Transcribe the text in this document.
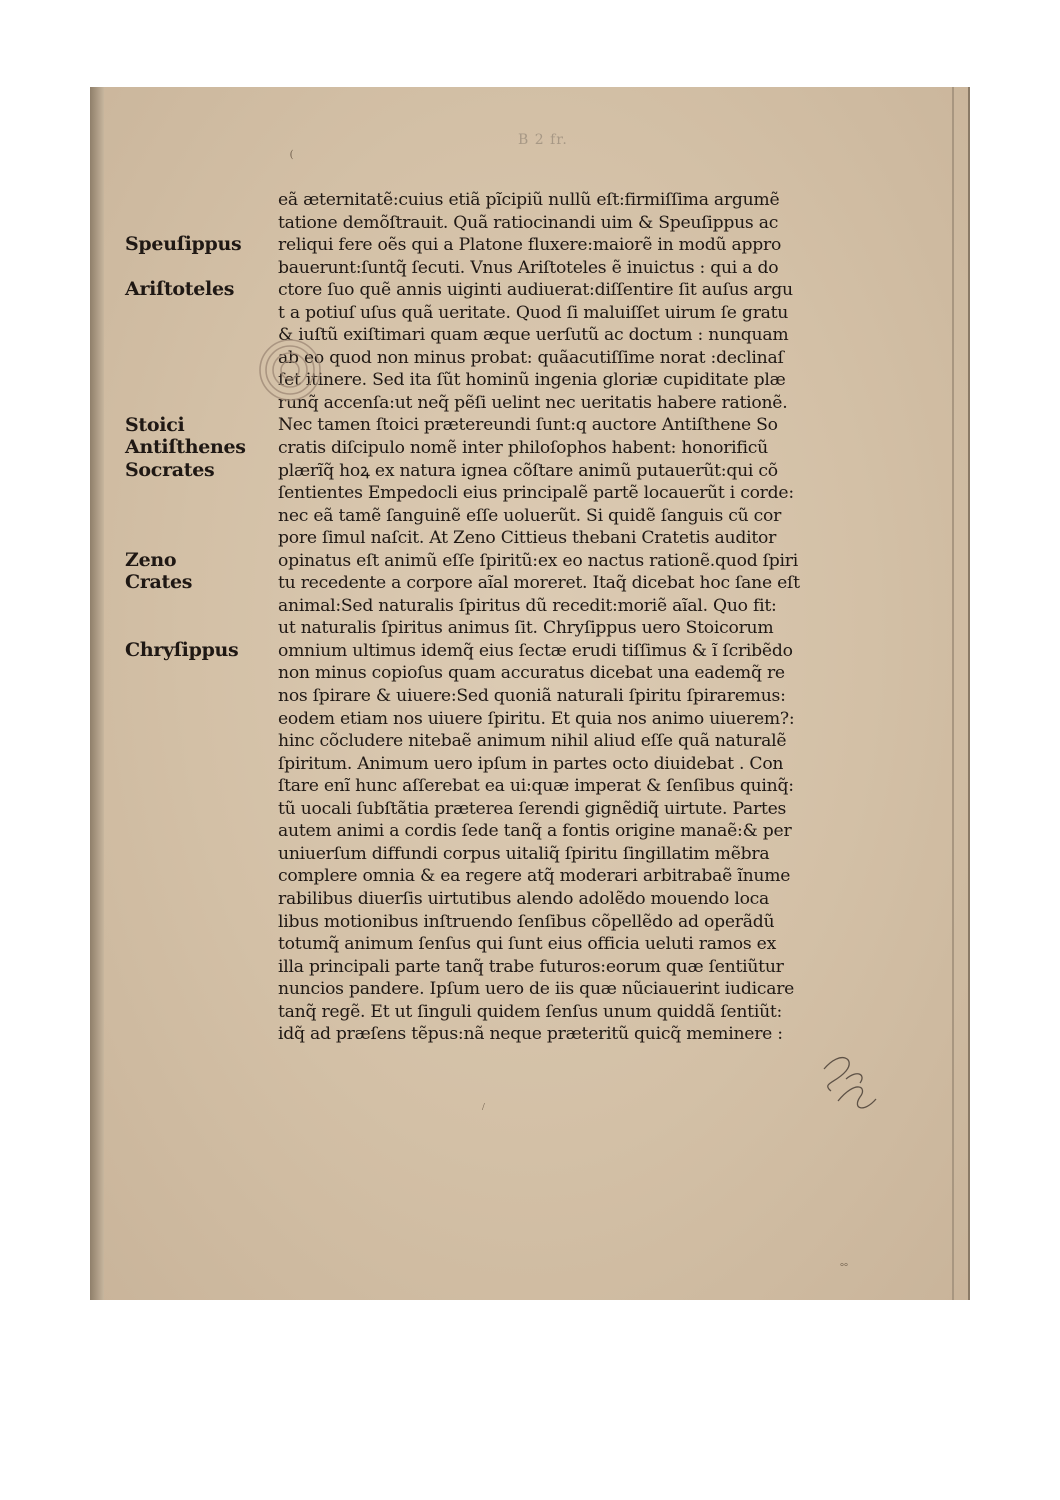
B 2 fr.
eã æternitatẽ:cuius etiã pĩcipiũ nullũ eſt:firmiſſima argumẽ
tatione demõſtrauit. Quã ratiocinandi uim & Speuſippus ac
reliqui fere oẽs qui a Platone fluxere:maiorẽ in modũ appro
bauerunt:ſuntq̃ ſecuti. Vnus Ariſtoteles ẽ inuictus : qui a do
ctore ſuo quẽ annis uiginti audiuerat:diſſentire ſit auſus argu
t a potiuſ uſus quã ueritate. Quod ſi maluiſſet uirum ſe gratu
& iuſtũ exiſtimari quam æque uerſutũ ac doctum : nunquam
ab eo quod non minus probat: quãacutiſſime norat :declinaſ
ſet itinere. Sed ita ſũt hominũ ingenia gloriæ cupiditate plæ
runq̃ accenſa:ut neq̃ pẽſi uelint nec ueritatis habere rationẽ.
Nec tamen ſtoici prætereundi ſunt:q auctore Antiſthene So
cratis diſcipulo nomẽ inter philoſophos habent: honorificũ
plærĩq̃ hoꝝ ex natura ignea cõſtare animũ putauerũt:qui cõ
ſentientes Empedocli eius principalẽ partẽ locauerũt i corde:
nec eã tamẽ ſanguinẽ eſſe uoluerũt. Si quidẽ ſanguis cũ cor
pore ſimul naſcit. At Zeno Cittieus thebani Cratetis auditor
opinatus eſt animũ eſſe ſpiritũ:ex eo nactus rationẽ.quod ſpiri
tu recedente a corpore aĩal moreret. Itaq̃ dicebat hoc ſane eſt
animal:Sed naturalis ſpiritus dũ recedit:moriẽ aĩal. Quo fit:
ut naturalis ſpiritus animus ſit. Chryſippus uero Stoicorum
omnium ultimus idemq̃ eius ſectæ erudi tiſſimus & ĩ ſcribẽdo
non minus copioſus quam accuratus dicebat una eademq̃ re
nos ſpirare & uiuere:Sed quoniã naturali ſpiritu ſpiraremus:
eodem etiam nos uiuere ſpiritu. Et quia nos animo uiuerem?:
hinc cõcludere nitebaẽ animum nihil aliud eſſe quã naturalẽ
ſpiritum. Animum uero ipſum in partes octo diuidebat . Con
ſtare enĩ hunc aſſerebat ea ui:quæ imperat & ſenſibus quinq̃:
tũ uocali ſubſtãtia præterea ſerendi gignẽdiq̃ uirtute. Partes
autem animi a cordis ſede tanq̃ a fontis origine manaẽ:& per
uniuerſum diffundi corpus uitaliq̃ ſpiritu ſingillatim mẽbra
complere omnia & ea regere atq̃ moderari arbitrabaẽ ĩnume
rabilibus diuerſis uirtutibus alendo adolẽdo mouendo loca
libus motionibus inſtruendo ſenſibus cõpellẽdo ad operãdũ
totumq̃ animum ſenſus qui ſunt eius officia ueluti ramos ex
illa principali parte tanq̃ trabe futuros:eorum quæ ſentiũtur
nuncios pandere. Ipſum uero de iis quæ nũciauerint iudicare
tanq̃ regẽ. Et ut ſinguli quidem ſenſus unum quiddã ſentiũt:
idq̃ ad præſens tẽpus:nã neque præteritũ quicq̃ meminere :
Speuſippus
Ariſtoteles
Stoici
Antiſthenes
Socrates
Zeno
Crates
Chryſippus
(
/
°°
